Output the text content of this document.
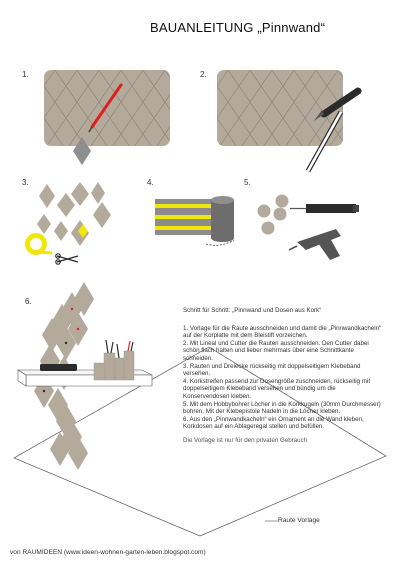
BAUANLEITUNG „Pinnwand“
1.	2.
3.	4.	5.
6.
Schritt für Schritt: „Pinnwand und Dosen aus Kork“

1. Vorlage für die Raute ausschneiden und damit die „Pinnwandkacheln“ auf der Korplatte mit dem Bleistift vorzeichen.

2. Mit Lineal und Cutter die Rauten ausschneiden. Den Cutter dabei schön flach halten und lieber mehrmals über eine Schnittkante schneiden.

3. Rauten und Dreiecke rückseitig mit doppelseitigem Klebeband versehen.

4. Korkstreifen passend zur Dosengröße zuschneiden, rückseitig mit doppelseitigem Klebeband versehen und bündig um die Konservendosen kleben.

5. Mit dem Hobbybohrer Löcher in die Korkkugeln (30mm Durchmesser) bohren. Mit der Klebepistole Nadeln in die Löcher kleben.

6. Aus den „Pinnwandkacheln“ ein Ornament an die Wand kleben, Korkdosen auf ein Ablageregal stellen und befüllen.

Die Vorlage ist nur für den privaten Gebrauch

Raute Vorlage
von RAUMIDEEN (www.ideen-wohnen-garten-leben.blogspot.com)
